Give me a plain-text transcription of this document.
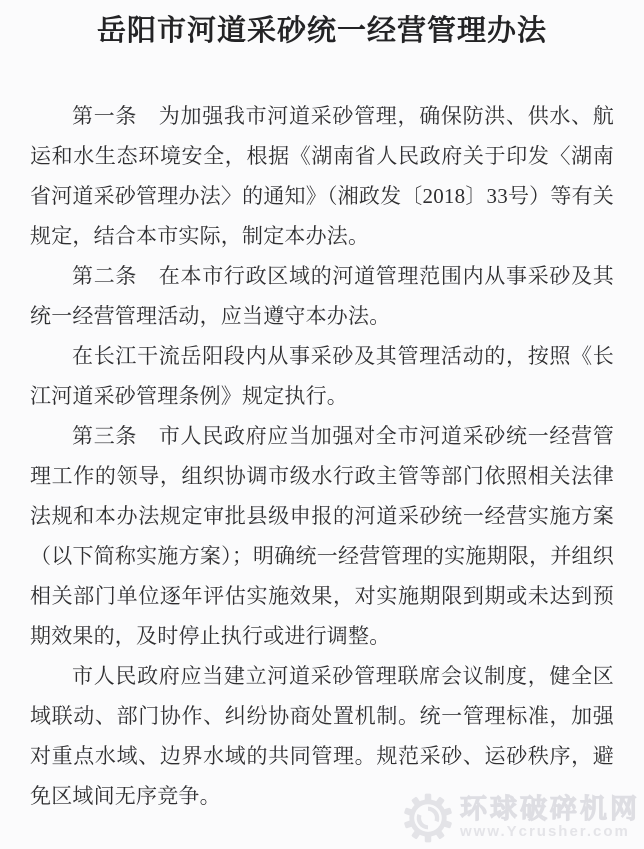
岳阳市河道采砂统一经营管理办法

第一条　为加强我市河道采砂管理，确保防洪、供水、航运和水生态环境安全，根据《湖南省人民政府关于印发〈湖南省河道采砂管理办法〉的通知》（湘政发〔2018〕33号）等有关规定，结合本市实际，制定本办法。

第二条　在本市行政区域的河道管理范围内从事采砂及其统一经营管理活动，应当遵守本办法。

在长江干流岳阳段内从事采砂及其管理活动的，按照《长江河道采砂管理条例》规定执行。

第三条　市人民政府应当加强对全市河道采砂统一经营管理工作的领导，组织协调市级水行政主管等部门依照相关法律法规和本办法规定审批县级申报的河道采砂统一经营实施方案（以下简称实施方案）；明确统一经营管理的实施期限，并组织相关部门单位逐年评估实施效果，对实施期限到期或未达到预期效果的，及时停止执行或进行调整。

市人民政府应当建立河道采砂管理联席会议制度，健全区域联动、部门协作、纠纷协商处置机制。统一管理标准，加强对重点水域、边界水域的共同管理。规范采砂、运砂秩序，避免区域间无序竞争。	环球破碎机网
www.Ycrusher.com
